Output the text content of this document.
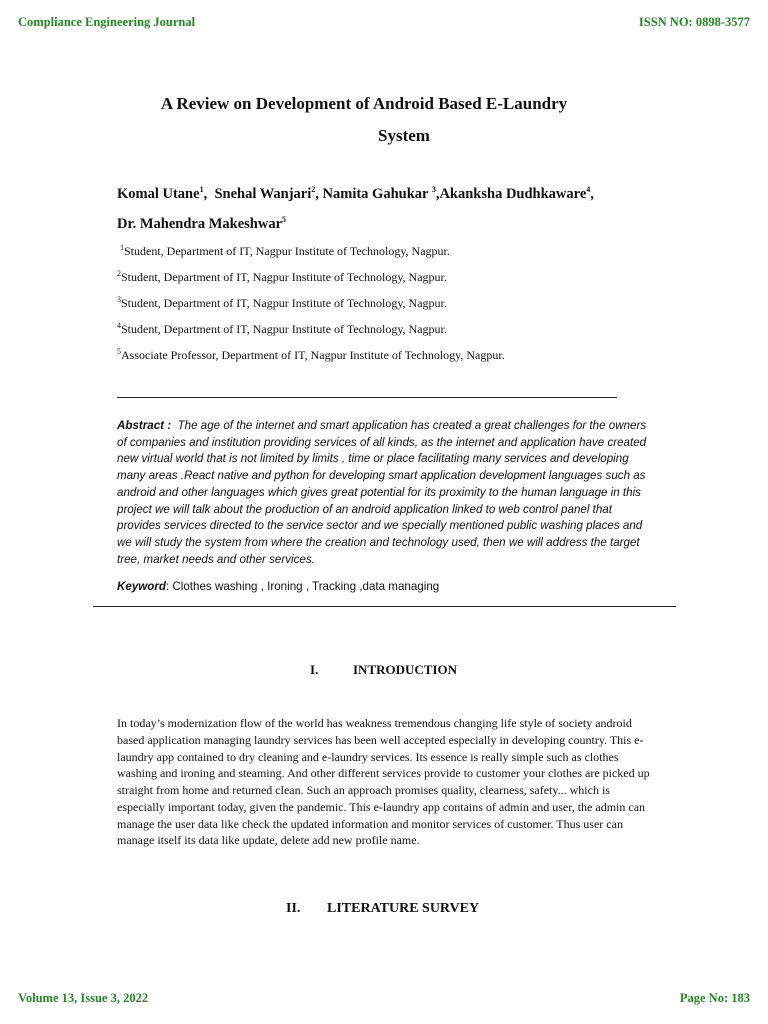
Compliance Engineering Journal	ISSN NO: 0898-3577
A Review on Development of Android Based E-Laundry
System
Komal Utane$^1$,  Snehal Wanjari$^2$, Namita Gahukar $^3$,Akanksha Dudhkaware$^4$,
Dr. Mahendra Makeshwar$^5$
$^1$Student, Department of IT, Nagpur Institute of Technology, Nagpur.
$^2$Student, Department of IT, Nagpur Institute of Technology, Nagpur.
$^3$Student, Department of IT, Nagpur Institute of Technology, Nagpur.
$^4$Student, Department of IT, Nagpur Institute of Technology, Nagpur.
$^5$Associate Professor, Department of IT, Nagpur Institute of Technology, Nagpur.
Abstract : The age of the internet and smart application has created a great challenges for the owners of companies and institution providing services of all kinds, as the internet and application have created new virtual world that is not limited by limits , time or place facilitating many services and developing many areas .React native and python for developing smart application development languages such as android and other languages which gives great potential for its proximity to the human language in this project we will talk about the production of an android application linked to web control panel that provides services directed to the service sector and we specially mentioned public washing places and we will study the system from where the creation and technology used, then we will address the target tree, market needs and other services.
Keyword: Clothes washing , Ironing , Tracking ,data managing
I.	INTRODUCTION
In today’s modernization flow of the world has weakness tremendous changing life style of society android based application managing laundry services has been well accepted especially in developing country. This e-laundry app contained to dry cleaning and e-laundry services. Its essence is really simple such as clothes washing and ironing and steaming. And other different services provide to customer your clothes are picked up straight from home and returned clean. Such an approach promises quality, clearness, safety... which is especially important today, given the pandemic. This e-laundry app contains of admin and user, the admin can manage the user data like check the updated information and monitor services of customer. Thus user can manage itself its data like update, delete add new profile name.
II. LITERATURE SURVEY
Volume 13, Issue 3, 2022	Page No: 183
